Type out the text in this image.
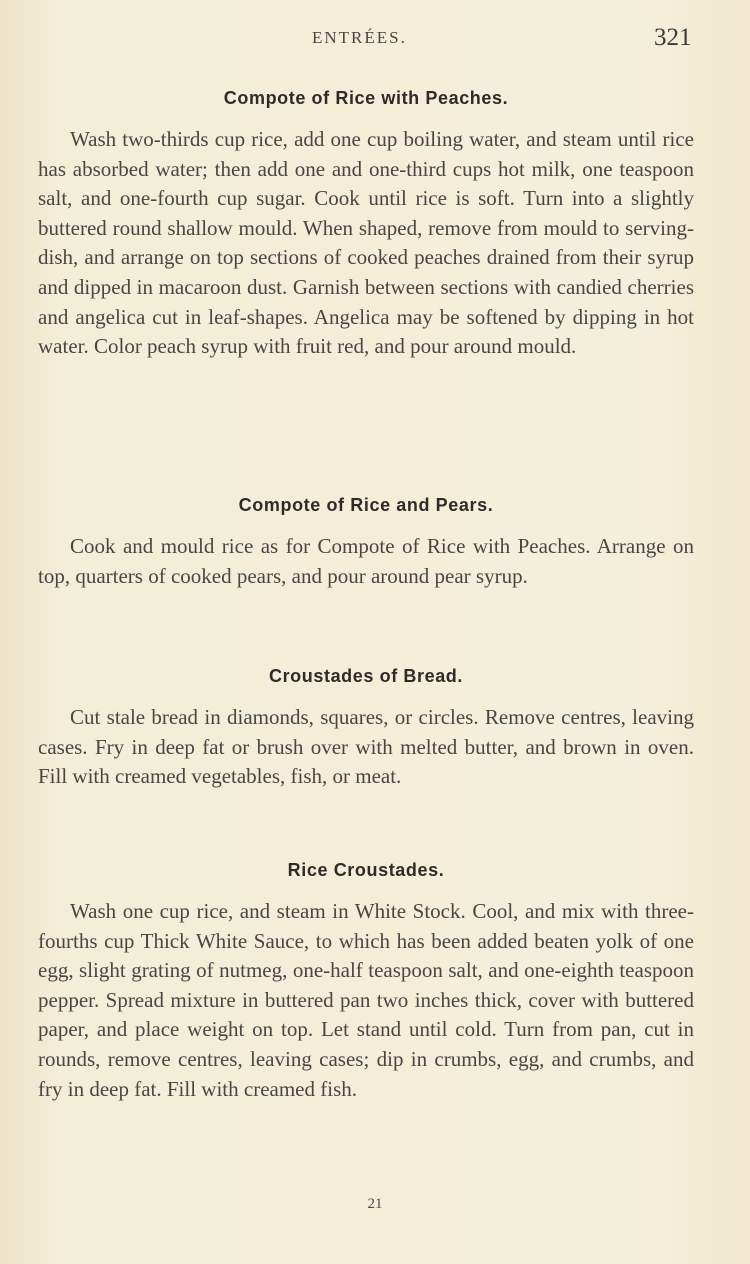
ENTRÉES.	321
Compote of Rice with Peaches.

Wash two-thirds cup rice, add one cup boiling water, and steam until rice has absorbed water; then add one and one-third cups hot milk, one teaspoon salt, and one-fourth cup sugar. Cook until rice is soft. Turn into a slightly buttered round shallow mould. When shaped, remove from mould to serving-dish, and arrange on top sections of cooked peaches drained from their syrup and dipped in macaroon dust. Garnish between sections with candied cherries and angelica cut in leaf-shapes. Angelica may be softened by dipping in hot water. Color peach syrup with fruit red, and pour around mould.

Compote of Rice and Pears.

Cook and mould rice as for Compote of Rice with Peaches. Arrange on top, quarters of cooked pears, and pour around pear syrup.

Croustades of Bread.

Cut stale bread in diamonds, squares, or circles. Remove centres, leaving cases. Fry in deep fat or brush over with melted butter, and brown in oven. Fill with creamed vegetables, fish, or meat.

Rice Croustades.

Wash one cup rice, and steam in White Stock. Cool, and mix with three-fourths cup Thick White Sauce, to which has been added beaten yolk of one egg, slight grating of nutmeg, one-half teaspoon salt, and one-eighth teaspoon pepper. Spread mixture in buttered pan two inches thick, cover with buttered paper, and place weight on top. Let stand until cold. Turn from pan, cut in rounds, remove centres, leaving cases; dip in crumbs, egg, and crumbs, and fry in deep fat. Fill with creamed fish.

21
